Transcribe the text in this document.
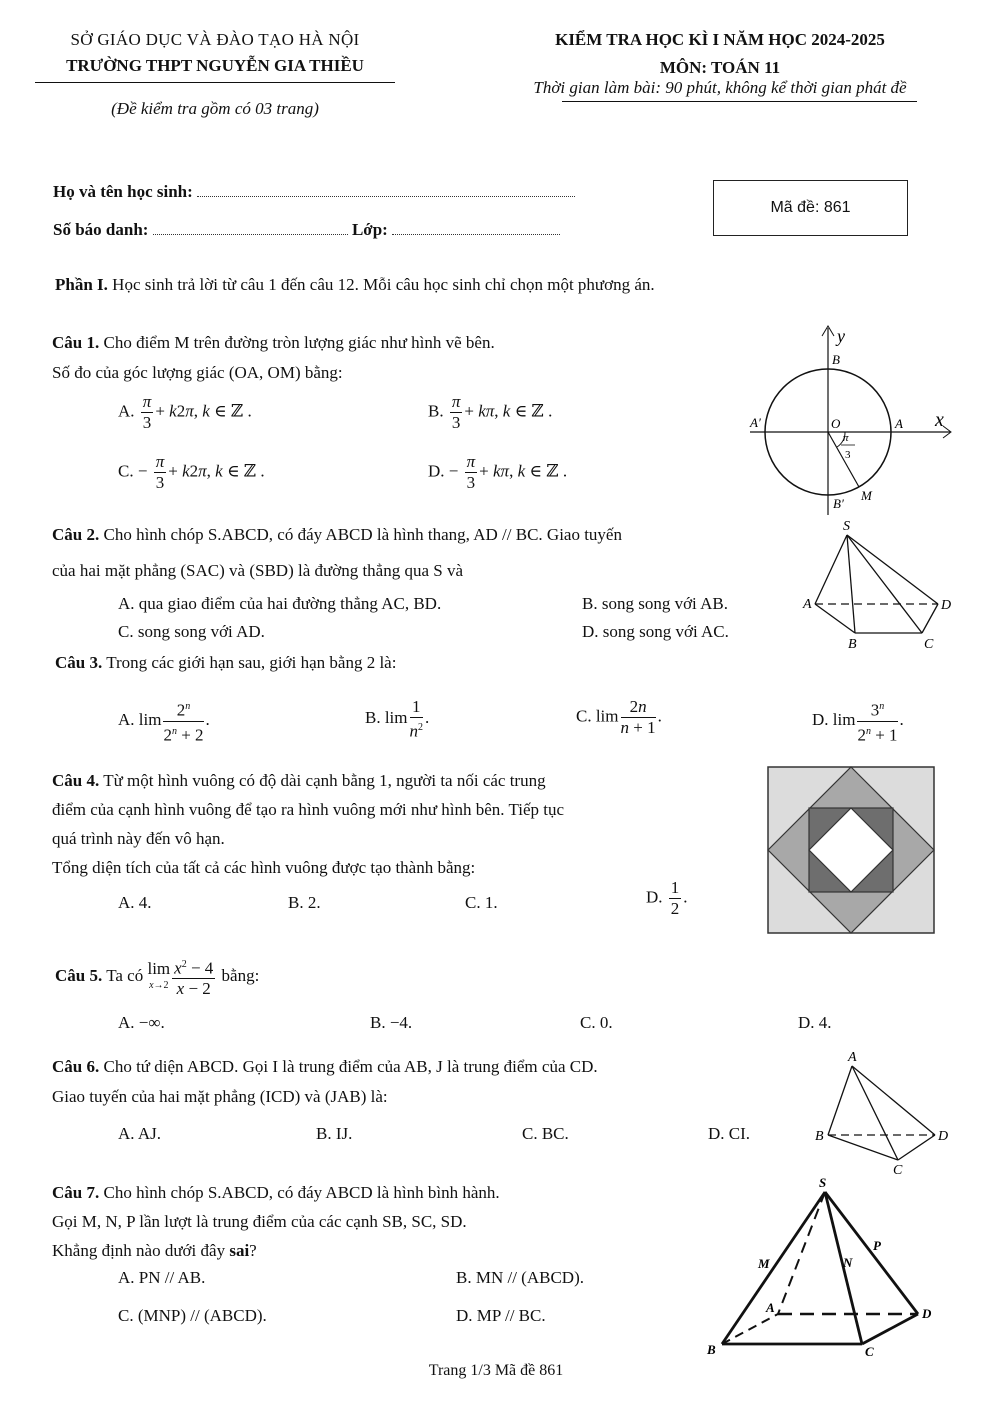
SỞ GIÁO DỤC VÀ ĐÀO TẠO HÀ NỘI
TRƯỜNG THPT NGUYỄN GIA THIỀU
(Đề kiểm tra gồm có 03 trang)
KIỂM TRA HỌC KÌ I NĂM HỌC 2024-2025
MÔN: TOÁN 11
Thời gian làm bài: 90 phút, không kể thời gian phát đề
Họ và tên học sinh:
Số báo danh:	Lớp:
Mã đề: 861
Phần I. Học sinh trả lời từ câu 1 đến câu 12. Mỗi câu học sinh chỉ chọn một phương án.
Câu 1. Cho điểm M trên đường tròn lượng giác như hình vẽ bên.
Số đo của góc lượng giác (OA, OM) bằng:
A. $\frac{\pi}{3} + k2\pi$, k ∈ ℤ .	B. $\frac{\pi}{3} + k\pi$, k ∈ ℤ .
C. − $\frac{\pi}{3} + k2\pi$, k ∈ ℤ .	D. − $\frac{\pi}{3} + k\pi$, k ∈ ℤ .
y
B
A′	O	A x
π
3
B′
M
Câu 2. Cho hình chóp S.ABCD, có đáy ABCD là hình thang, AD // BC. Giao tuyến
của hai mặt phẳng (SAC) và (SBD) là đường thẳng qua S và
A. qua giao điểm của hai đường thẳng AC, BD.	B. song song với AB.
C. song song với AD.	D. song song với AC.
S
A	D
B	C
Câu 3. Trong các giới hạn sau, giới hạn bằng 2 là:
A. $\lim \frac{2^n}{2^n + 2}$ .	B. $\lim \frac{1}{n^2}$ .	C. $\lim \frac{2n}{n + 1}$ .	D. $\lim \frac{3^n}{2^n + 1}$ .
Câu 4. Từ một hình vuông có độ dài cạnh bằng 1, người ta nối các trung
điểm của cạnh hình vuông để tạo ra hình vuông mới như hình bên. Tiếp tục
quá trình này đến vô hạn.
Tổng diện tích của tất cả các hình vuông được tạo thành bằng:
A. 4.	B. 2.	C. 1.	D. $\frac{1}{2}$ .
Câu 5. Ta có lim
$x\to 2 \frac{x^2 - 4}{x - 2}$ bằng:
A. −∞.	B. −4.	C. 0.	D. 4.
Câu 6. Cho tứ diện ABCD. Gọi I là trung điểm của AB, J là trung điểm của CD.
Giao tuyến của hai mặt phẳng (ICD) và (JAB) là:
A. AJ.	B. IJ.	C. BC.	D. CI.
A
B	D
C
Câu 7. Cho hình chóp S.ABCD, có đáy ABCD là hình bình hành.
Gọi M, N, P lần lượt là trung điểm của các cạnh SB, SC, SD.
Khẳng định nào dưới đây sai?
A. PN // AB.	B. MN // (ABCD).
C. (MNP) // (ABCD).	D. MP // BC.
S
M	N
P
A	D
B	C
Trang 1/3 Mã đề 861
